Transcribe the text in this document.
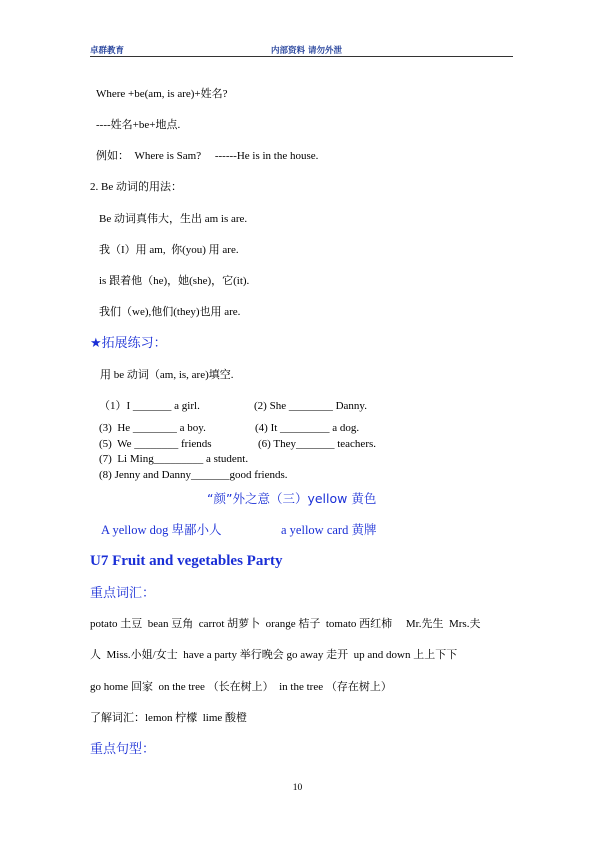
卓群教育	内部资料 请勿外泄
Where +be(am, is are)+姓名?
----姓名+be+地点.
例如：  Where is Sam?     ------He is in the house.
2. Be 动词的用法：
Be 动词真伟大，生出 am is are.
我（I）用 am,  你(you) 用 are.
is 跟着他（he)，她(she)，它(it).
我们（we),他们(they)也用 are.
★拓展练习：
用 be 动词（am, is, are)填空.
（1）I _______ a girl.	(2) She ________ Danny.
(3)  He ________ a boy.	(4) It _________ a dog.
(5)  We ________ friends	(6) They_______ teachers.
(7)  Li Ming_________ a student.
(8) Jenny and Danny_______good friends.
“颜”外之意（三）yellow 黄色
A yellow dog 卑鄙小人	a yellow card 黄牌
U7 Fruit and vegetables Party
重点词汇：
potato 土豆  bean 豆角  carrot 胡萝卜  orange 桔子  tomato 西红柿     Mr.先生  Mrs.夫
人  Miss.小姐/女士  have a party 举行晚会 go away 走开  up and down 上上下下
go home 回家  on the tree （长在树上）  in the tree （存在树上）
了解词汇：lemon 柠檬  lime 酸橙
重点句型：
10
